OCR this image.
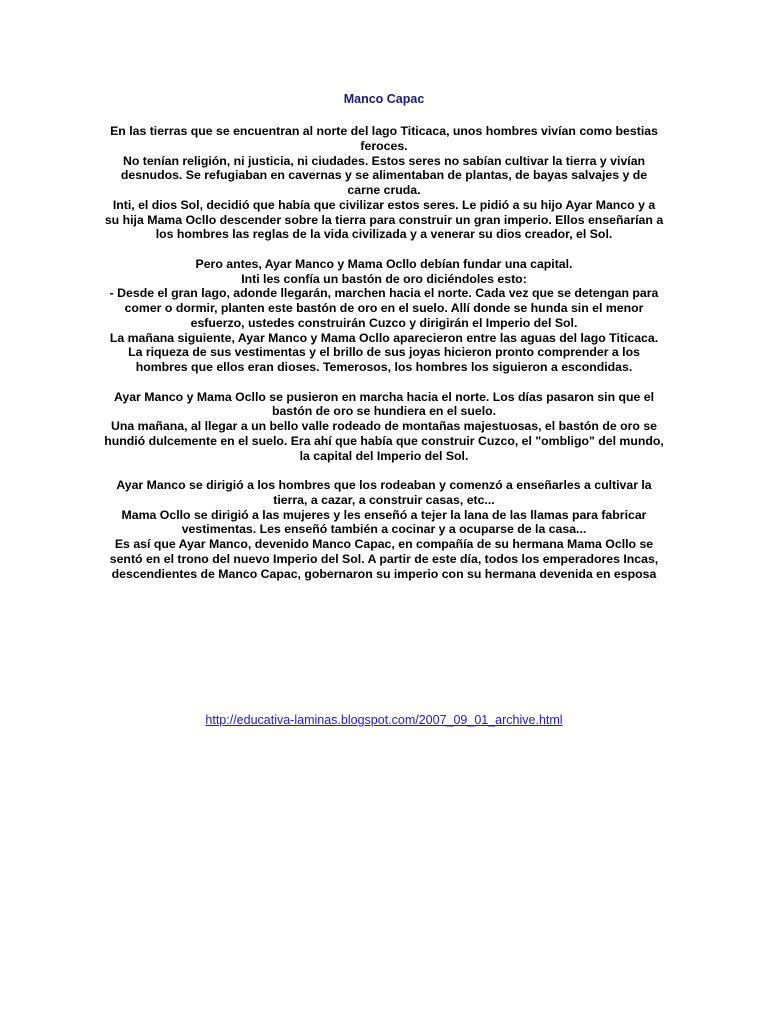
Manco Capac

En las tierras que se encuentran al norte del lago Titicaca, unos hombres vivían como bestias feroces.
No tenían religión, ni justicia, ni ciudades. Estos seres no sabían cultivar la tierra y vivían desnudos. Se refugiaban en cavernas y se alimentaban de plantas, de bayas salvajes y de carne cruda.
Inti, el dios Sol, decidió que había que civilizar estos seres. Le pidió a su hijo Ayar Manco y a su hija Mama Ocllo descender sobre la tierra para construir un gran imperio. Ellos enseñarían a los hombres las reglas de la vida civilizada y a venerar su dios creador, el Sol.

Pero antes, Ayar Manco y Mama Ocllo debían fundar una capital.
Inti les confía un bastón de oro diciéndoles esto:
- Desde el gran lago, adonde llegarán, marchen hacia el norte. Cada vez que se detengan para comer o dormir, planten este bastón de oro en el suelo. Allí donde se hunda sin el menor esfuerzo, ustedes construirán Cuzco y dirigirán el Imperio del Sol.
La mañana siguiente, Ayar Manco y Mama Ocllo aparecieron entre las aguas del lago Titicaca. La riqueza de sus vestimentas y el brillo de sus joyas hicieron pronto comprender a los hombres que ellos eran dioses. Temerosos, los hombres los siguieron a escondidas.

Ayar Manco y Mama Ocllo se pusieron en marcha hacia el norte. Los días pasaron sin que el bastón de oro se hundiera en el suelo.
Una mañana, al llegar a un bello valle rodeado de montañas majestuosas, el bastón de oro se hundió dulcemente en el suelo. Era ahí que había que construir Cuzco, el "ombligo" del mundo, la capital del Imperio del Sol.

Ayar Manco se dirigió a los hombres que los rodeaban y comenzó a enseñarles a cultivar la tierra, a cazar, a construir casas, etc...
Mama Ocllo se dirigió a las mujeres y les enseñó a tejer la lana de las llamas para fabricar vestimentas. Les enseñó también a cocinar y a ocuparse de la casa...
Es así que Ayar Manco, devenido Manco Capac, en compañía de su hermana Mama Ocllo se sentó en el trono del nuevo Imperio del Sol. A partir de este día, todos los emperadores Incas, descendientes de Manco Capac, gobernaron su imperio con su hermana devenida en esposa

http://educativa-laminas.blogspot.com/2007_09_01_archive.html
